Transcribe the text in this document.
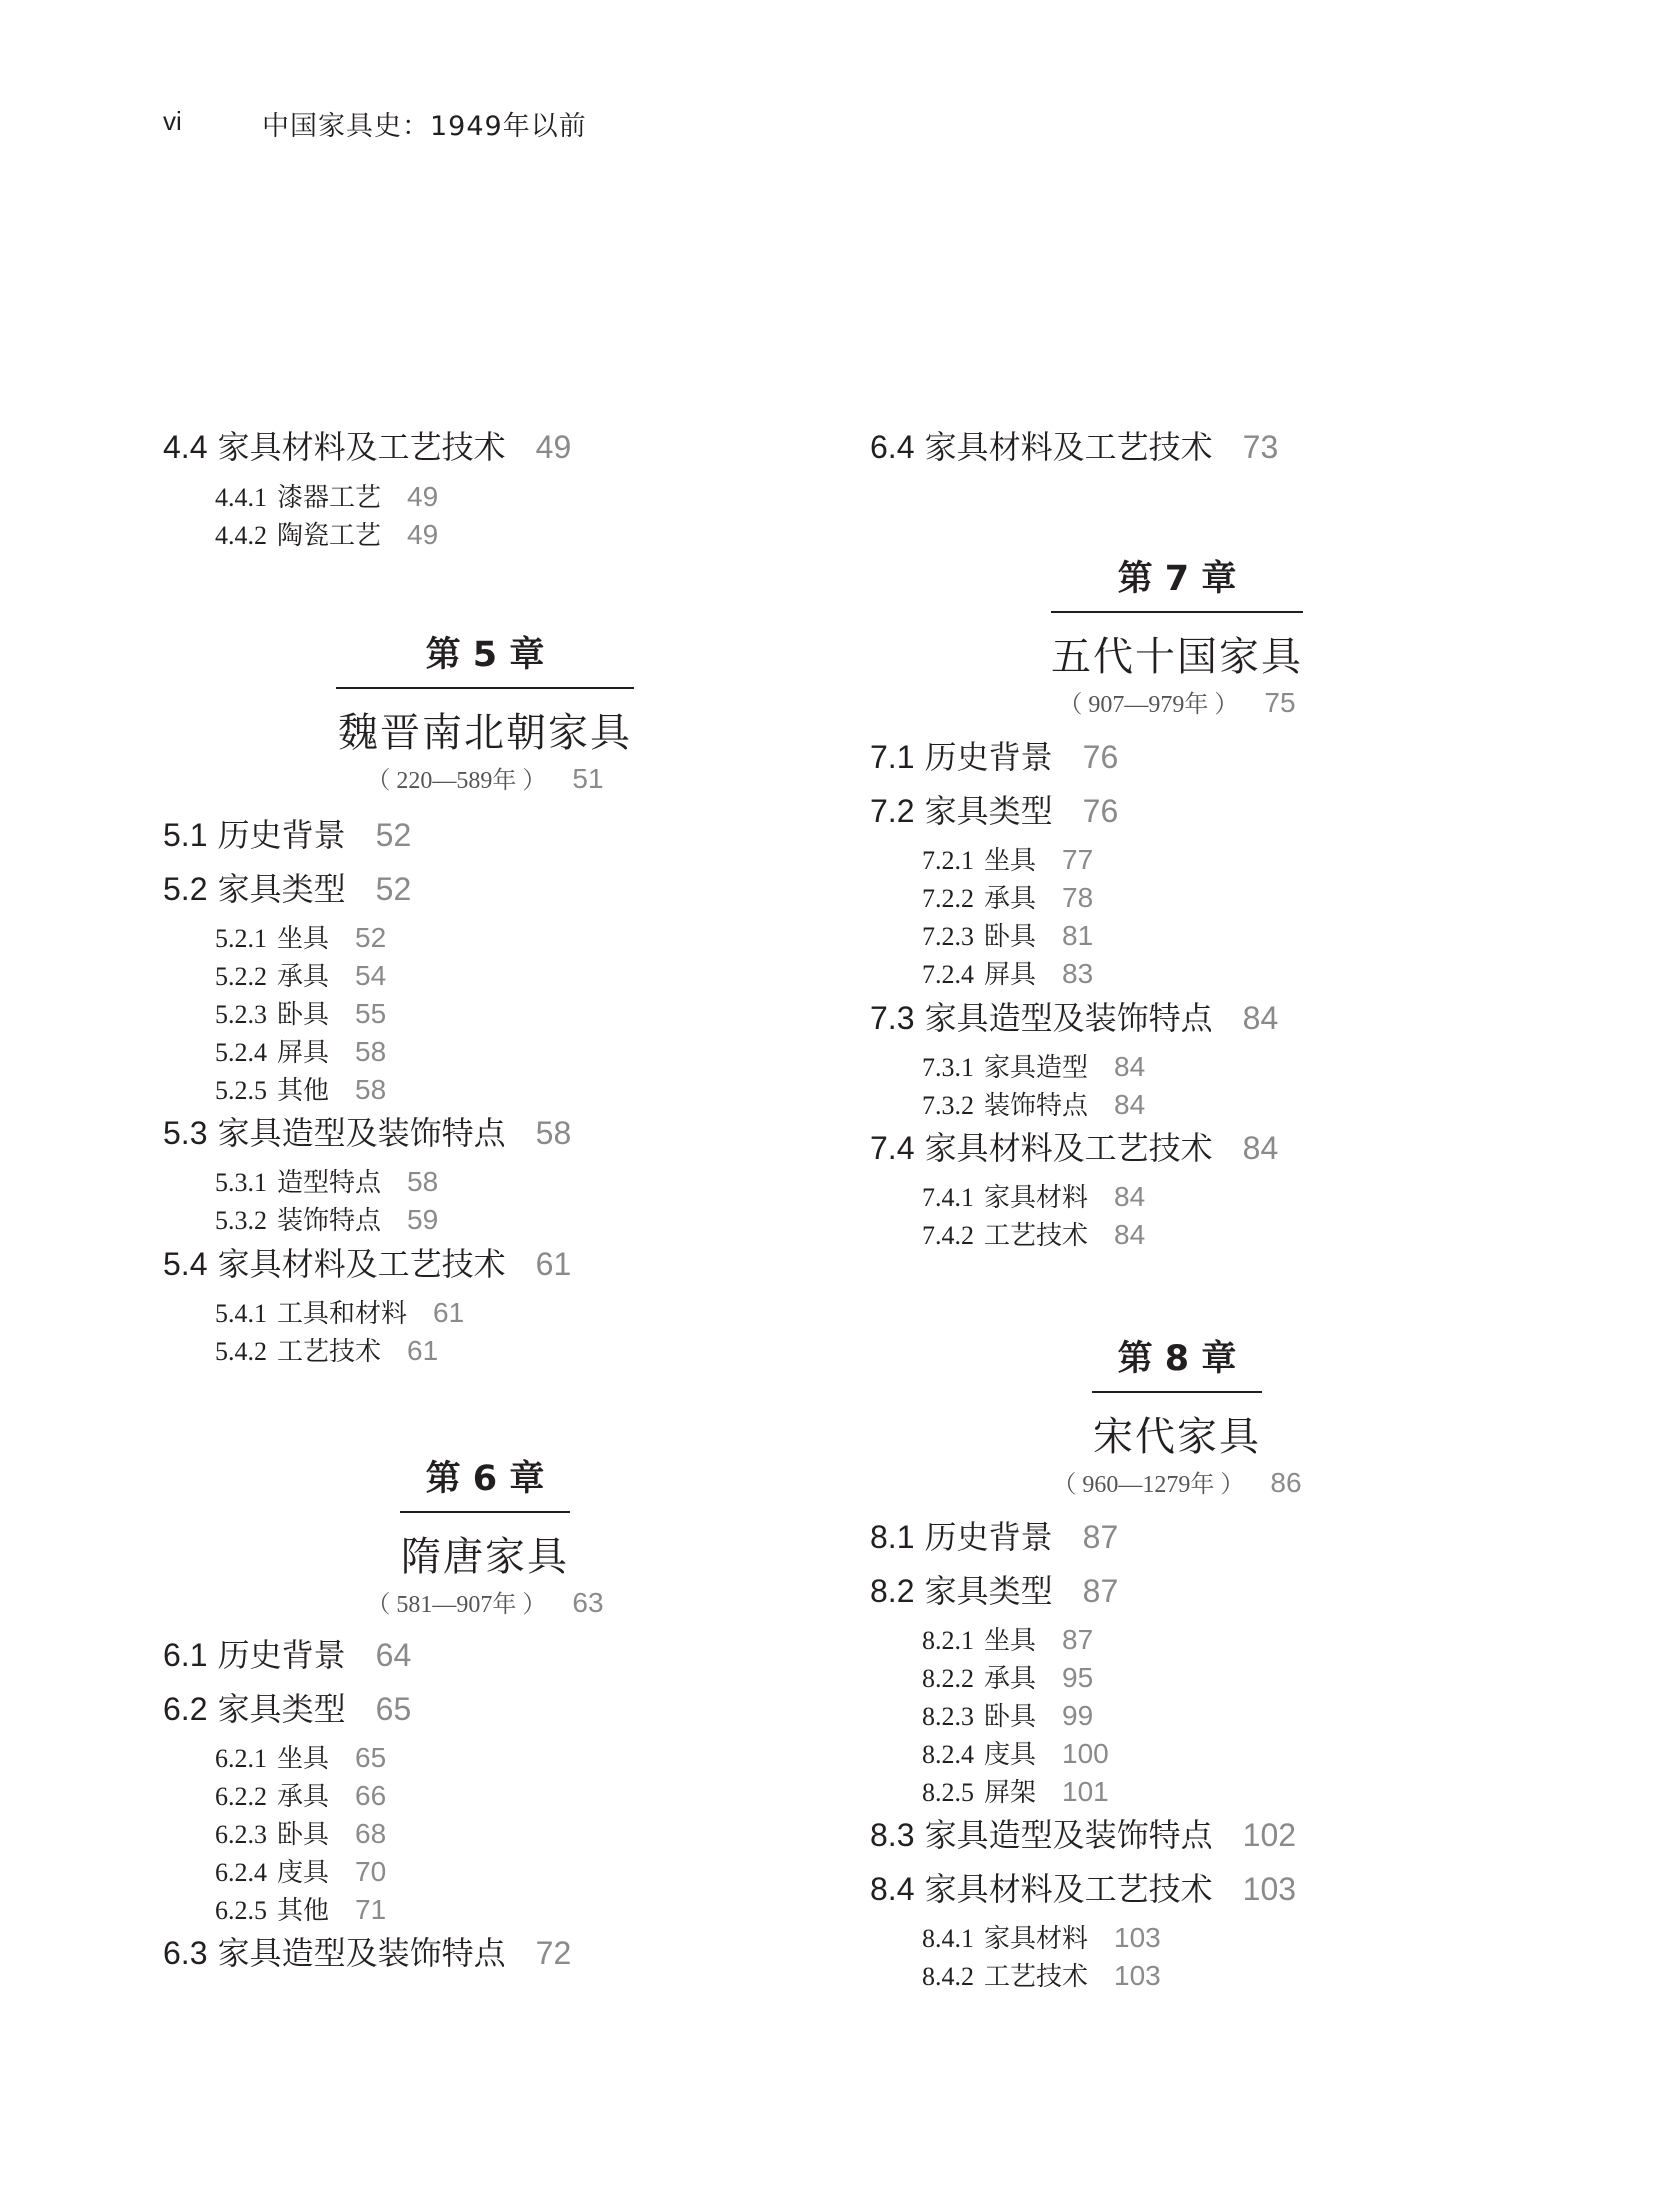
vi	中国家具史：1949年以前
4.4 家具材料及工艺技术 49
4.4.1 漆器工艺 49
4.4.2 陶瓷工艺 49
第 5 章
魏晋南北朝家具
（ 220—589年 ） 51
5.1 历史背景 52
5.2 家具类型 52
5.2.1 坐具 52
5.2.2 承具 54
5.2.3 卧具 55
5.2.4 屏具 58
5.2.5 其他 58
5.3 家具造型及装饰特点 58
5.3.1 造型特点 58
5.3.2 装饰特点 59
5.4 家具材料及工艺技术 61
5.4.1 工具和材料 61
5.4.2 工艺技术 61
第 6 章
隋唐家具
（ 581—907年 ） 63
6.1 历史背景 64
6.2 家具类型 65
6.2.1 坐具 65
6.2.2 承具 66
6.2.3 卧具 68
6.2.4 庋具 70
6.2.5 其他 71
6.3 家具造型及装饰特点 72
6.4 家具材料及工艺技术 73
第 7 章
五代十国家具
（ 907—979年 ） 75
7.1 历史背景 76
7.2 家具类型 76
7.2.1 坐具 77
7.2.2 承具 78
7.2.3 卧具 81
7.2.4 屏具 83
7.3 家具造型及装饰特点 84
7.3.1 家具造型 84
7.3.2 装饰特点 84
7.4 家具材料及工艺技术 84
7.4.1 家具材料 84
7.4.2 工艺技术 84
第 8 章
宋代家具
（ 960—1279年 ） 86
8.1 历史背景 87
8.2 家具类型 87
8.2.1 坐具 87
8.2.2 承具 95
8.2.3 卧具 99
8.2.4 庋具 100
8.2.5 屏架 101
8.3 家具造型及装饰特点 102
8.4 家具材料及工艺技术 103
8.4.1 家具材料 103
8.4.2 工艺技术 103
